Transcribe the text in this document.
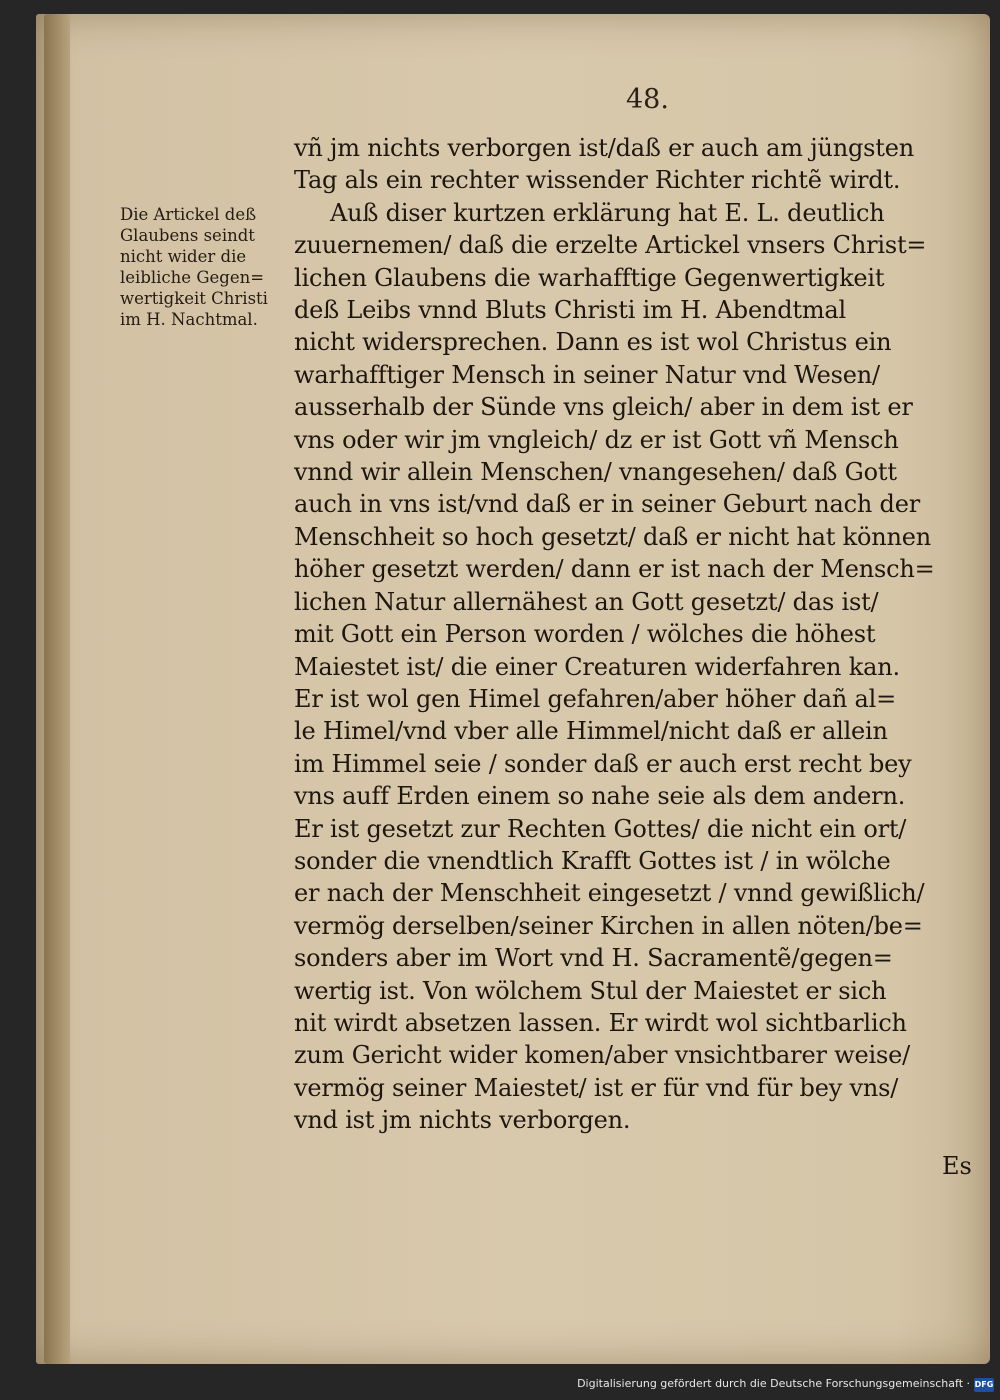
48.
Die Artickel deß
Glaubens seindt
nicht wider die
leibliche Gegen=
wertigkeit Christi
im H. Nachtmal.
vñ jm nichts verborgen ist/daß er auch am jüngsten
Tag als ein rechter wissender Richter richtẽ wirdt.
Auß diser kurtzen erklärung hat E. L. deutlich
zuuernemen/ daß die erzelte Artickel vnsers Christ=
lichen Glaubens die warhafftige Gegenwertigkeit
deß Leibs vnnd Bluts Christi im H. Abendtmal
nicht widersprechen. Dann es ist wol Christus ein
warhafftiger Mensch in seiner Natur vnd Wesen/
ausserhalb der Sünde vns gleich/ aber in dem ist er
vns oder wir jm vngleich/ dz er ist Gott vñ Mensch
vnnd wir allein Menschen/ vnangesehen/ daß Gott
auch in vns ist/vnd daß er in seiner Geburt nach der
Menschheit so hoch gesetzt/ daß er nicht hat können
höher gesetzt werden/ dann er ist nach der Mensch=
lichen Natur allernähest an Gott gesetzt/ das ist/
mit Gott ein Person worden / wölches die höhest
Maiestet ist/ die einer Creaturen widerfahren kan.
Er ist wol gen Himel gefahren/aber höher dañ al=
le Himel/vnd vber alle Himmel/nicht daß er allein
im Himmel seie / sonder daß er auch erst recht bey
vns auff Erden einem so nahe seie als dem andern.
Er ist gesetzt zur Rechten Gottes/ die nicht ein ort/
sonder die vnendtlich Krafft Gottes ist / in wölche
er nach der Menschheit eingesetzt / vnnd gewißlich/
vermög derselben/seiner Kirchen in allen nöten/be=
sonders aber im Wort vnd H. Sacramentẽ/gegen=
wertig ist. Von wölchem Stul der Maiestet er sich
nit wirdt absetzen lassen. Er wirdt wol sichtbarlich
zum Gericht wider komen/aber vnsichtbarer weise/
vermög seiner Maiestet/ ist er für vnd für bey vns/
vnd ist jm nichts verborgen.
Es
Digitalisierung gefördert durch die Deutsche Forschungsgemeinschaft · DFG
